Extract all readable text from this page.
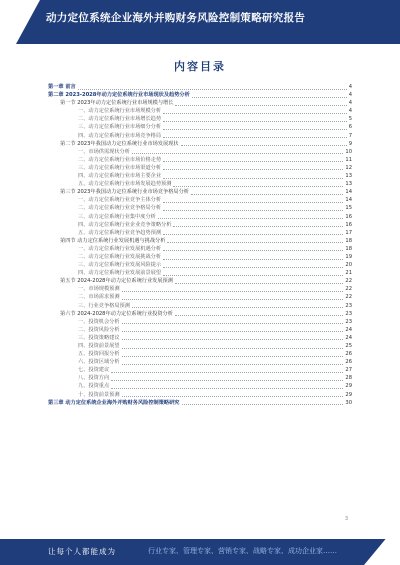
动力定位系统企业海外并购财务风险控制策略研究报告
内容目录
第一章 前言	4
第二章 2023-2028年动力定位系统行业市场现状及趋势分析	4
第一节 2023年动力定位系统行业市场规模与增长	4
一、动力定位系统行业市场规模分析	4
二、动力定位系统行业市场增长趋势	5
三、动力定位系统行业市场细分分析	6
四、动力定位系统行业市场竞争格局	7
第二节 2023年我国动力定位系统行业市场发展现状	9
一、市场供需现状分析	10
二、动力定位系统行业市场价格走势	11
三、动力定位系统行业市场渠道分析	12
四、动力定位系统行业市场主要企业	13
五、动力定位系统行业市场发展趋势预测	13
第三节 2023年我国动力定位系统行业市场竞争格局分析	14
一、动力定位系统行业竞争主体分析	14
二、动力定位系统行业竞争格局分析	15
三、动力定位系统行业集中度分析	16
四、动力定位系统行业企业竞争策略分析	16
五、动力定位系统行业竞争趋势预测	17
第四节 动力定位系统行业发展机遇与挑战分析	18
一、动力定位系统行业发展机遇分析	18
二、动力定位系统行业发展挑战分析	19
三、动力定位系统行业发展风险提示	20
四、动力定位系统行业发展前景展望	21
第五节 2024-2028年动力定位系统行业发展预测	22
一、市场规模预测	22
二、市场需求预测	22
三、行业竞争格局预测	23
第六节 2024-2028年动力定位系统行业投资分析	23
一、投资机会分析	23
二、投资风险分析	24
三、投资策略建议	24
四、投资前景展望	25
五、投资回报分析	26
六、投资区域分析	26
七、投资建议	27
八、投资方向	28
九、投资重点	29
十、投资前景预测	29
第三章 动力定位系统企业海外并购财务风险控制策略研究	30
3
让每个人都能成为	行业专家、管理专家、营销专家、战略专家、成功企业家……
